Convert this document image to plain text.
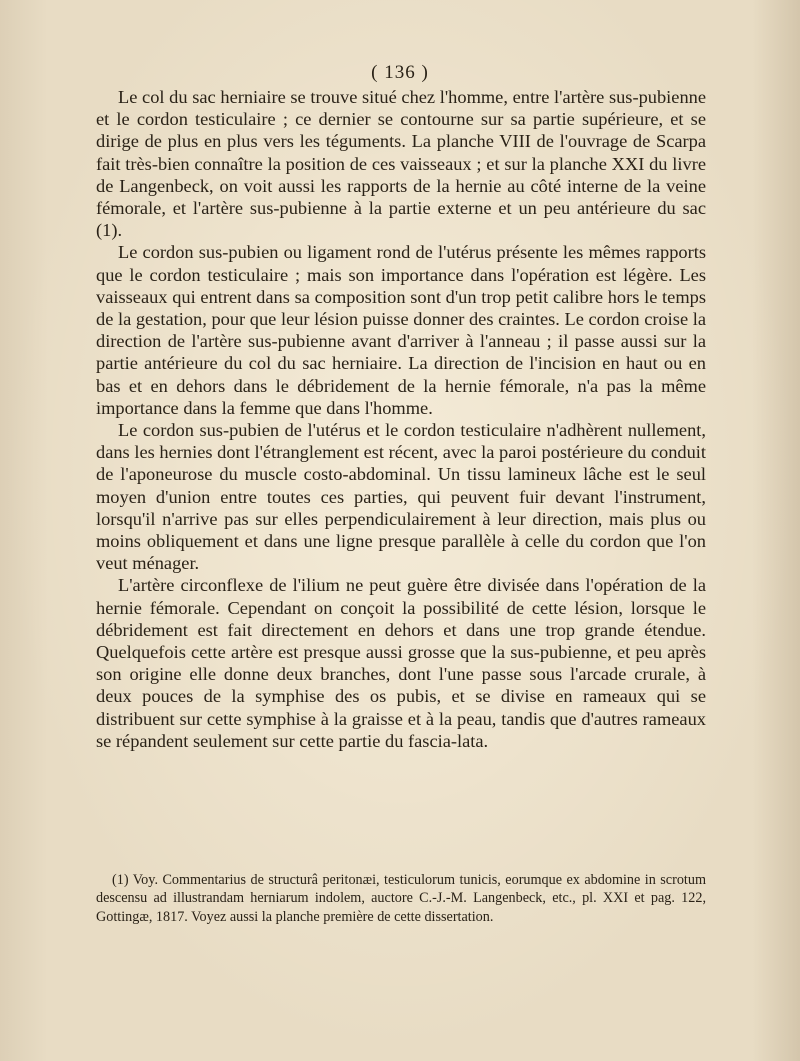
( 136 )

Le col du sac herniaire se trouve situé chez l'homme, entre l'artère sus-pubienne et le cordon testiculaire ; ce dernier se contourne sur sa partie supérieure, et se dirige de plus en plus vers les téguments. La planche VIII de l'ouvrage de Scarpa fait très-bien connaître la position de ces vaisseaux ; et sur la planche XXI du livre de Langenbeck, on voit aussi les rapports de la hernie au côté interne de la veine fémorale, et l'artère sus-pubienne à la partie externe et un peu antérieure du sac (1).

Le cordon sus-pubien ou ligament rond de l'utérus présente les mêmes rapports que le cordon testiculaire ; mais son importance dans l'opération est légère. Les vaisseaux qui entrent dans sa composition sont d'un trop petit calibre hors le temps de la gestation, pour que leur lésion puisse donner des craintes. Le cordon croise la direction de l'artère sus-pubienne avant d'arriver à l'anneau ; il passe aussi sur la partie antérieure du col du sac herniaire. La direction de l'incision en haut ou en bas et en dehors dans le débridement de la hernie fémorale, n'a pas la même importance dans la femme que dans l'homme.

Le cordon sus-pubien de l'utérus et le cordon testiculaire n'adhèrent nullement, dans les hernies dont l'étranglement est récent, avec la paroi postérieure du conduit de l'aponeurose du muscle costo-abdominal. Un tissu lamineux lâche est le seul moyen d'union entre toutes ces parties, qui peuvent fuir devant l'instrument, lorsqu'il n'arrive pas sur elles perpendiculairement à leur direction, mais plus ou moins obliquement et dans une ligne presque parallèle à celle du cordon que l'on veut ménager.

L'artère circonflexe de l'ilium ne peut guère être divisée dans l'opération de la hernie fémorale. Cependant on conçoit la possibilité de cette lésion, lorsque le débridement est fait directement en dehors et dans une trop grande étendue. Quelquefois cette artère est presque aussi grosse que la sus-pubienne, et peu après son origine elle donne deux branches, dont l'une passe sous l'arcade crurale, à deux pouces de la symphise des os pubis, et se divise en rameaux qui se distribuent sur cette symphise à la graisse et à la peau, tandis que d'autres rameaux se répandent seulement sur cette partie du fascia-lata.

(1) Voy. Commentarius de structurâ peritonæi, testiculorum tunicis, eorumque ex abdomine in scrotum descensu ad illustrandam herniarum indolem, auctore C.-J.-M. Langenbeck, etc., pl. XXI et pag. 122, Gottingæ, 1817. Voyez aussi la planche première de cette dissertation.
